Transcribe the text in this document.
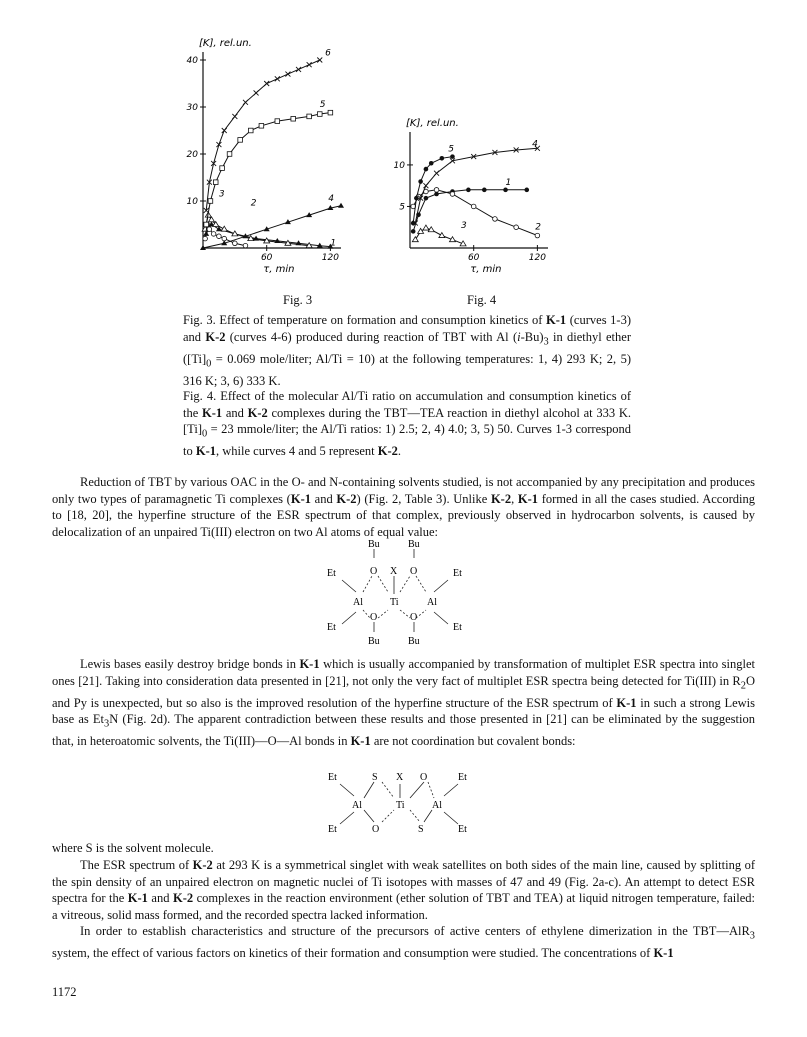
10
20
30
40
60	120
[K], rel.un.
τ, min
1
2
3	4
5
6
5
10
60	120
[K], rel.un.
τ, min
1
2
3
4
5
Fig. 3	Fig. 4
Fig. 3. Effect of temperature on formation and consumption kinetics of K-1 (curves 1-3) and K-2 (curves 4-6) produced during reaction of TBT with Al $(i-Bu)_3$ in diethyl ether ($[Ti]_0 = 0.069$ mole/liter; Al/Ti = 10) at the following temperatures: 1, 4) 293 K; 2, 5) 316 K; 3, 6) 333 K.
Fig. 4. Effect of the molecular Al/Ti ratio on accumulation and consumption kinetics of the K-1 and K-2 complexes during the TBT—TEA reaction in diethyl alcohol at 333 K. $[Ti]_0 = 23$ mmole/liter; the Al/Ti ratios: 1) 2.5; 2, 4) 4.0; 3, 5) 50. Curves 1-3 correspond to K-1, while curves 4 and 5 represent K-2.

Reduction of TBT by various OAC in the O- and N-containing solvents studied, is not accompanied by any precipitation and produces only two types of paramagnetic Ti complexes (K-1 and K-2) (Fig. 2, Table 3). Unlike K-2, K-1 formed in all the cases studied. According to [18, 20], the hyperfine structure of the ESR spectrum of that complex, previously observed in hydrocarbon solvents, is caused by delocalization of an unpaired Ti(III) electron on two Al atoms of equal value:

Bu	Bu
Et	O X O	Et
Al	Ti	Al
Et
O	O
Et
Bu	Bu

Lewis bases easily destroy bridge bonds in K-1 which is usually accompanied by transformation of multiplet ESR spectra into singlet ones [21]. Taking into consideration data presented in [21], not only the very fact of multiplet ESR spectra being detected for Ti(III) in $R_2O$ and Py is unexpected, but so also is the improved resolution of the hyperfine structure of the ESR spectrum of K-1 in such a strong Lewis base as $Et_3N$ (Fig. 2d). The apparent contradiction between these results and those presented in [21] can be eliminated by the suggestion that, in heteroatomic solvents, the Ti(III)—O—Al bonds in K-1 are not coordination but covalent bonds:

Et	S X O	Et
Al	Ti	Al
Et	O	S	Et

where S is the solvent molecule.

The ESR spectrum of K-2 at 293 K is a symmetrical singlet with weak satellites on both sides of the main line, caused by splitting of the spin density of an unpaired electron on magnetic nuclei of Ti isotopes with masses of 47 and 49 (Fig. 2a-c). An attempt to detect ESR spectra for the K-1 and K-2 complexes in the reaction environment (ether solution of TBT and TEA) at liquid nitrogen temperature, failed: a vitreous, solid mass formed, and the recorded spectra lacked information.

In order to establish characteristics and structure of the precursors of active centers of ethylene dimerization in the TBT—AlR$_3$ system, the effect of various factors on kinetics of their formation and consumption were studied. The concentrations of K-1

1172
